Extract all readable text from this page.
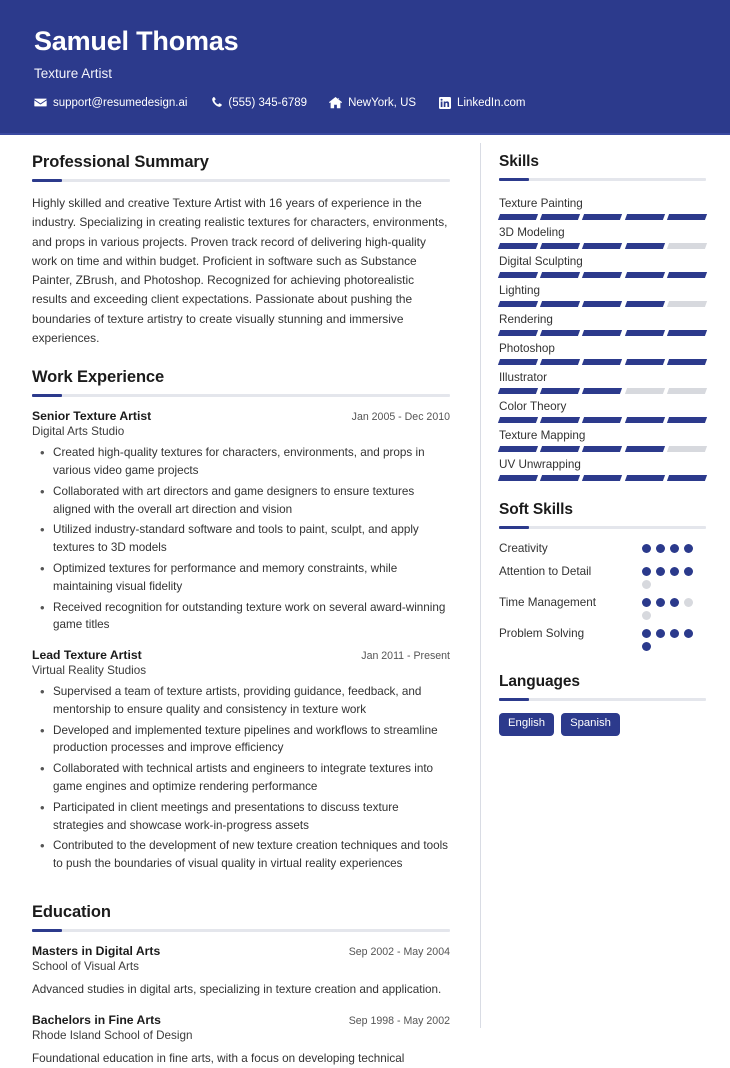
Samuel Thomas
Texture Artist
support@resumedesign.ai	(555) 345-6789	NewYork, US	LinkedIn.com
Professional Summary
Highly skilled and creative Texture Artist with 16 years of experience in the industry. Specializing in creating realistic textures for characters, environments, and props in various projects. Proven track record of delivering high-quality work on time and within budget. Proficient in software such as Substance Painter, ZBrush, and Photoshop. Recognized for achieving photorealistic results and exceeding client expectations. Passionate about pushing the boundaries of texture artistry to create visually stunning and immersive experiences.
Work Experience
Senior Texture Artist	Jan 2005 - Dec 2010
Digital Arts Studio
• Created high-quality textures for characters, environments, and props in various video game projects
• Collaborated with art directors and game designers to ensure textures aligned with the overall art direction and vision
• Utilized industry-standard software and tools to paint, sculpt, and apply textures to 3D models
• Optimized textures for performance and memory constraints, while maintaining visual fidelity
• Received recognition for outstanding texture work on several award-winning game titles
Lead Texture Artist	Jan 2011 - Present
Virtual Reality Studios
• Supervised a team of texture artists, providing guidance, feedback, and mentorship to ensure quality and consistency in texture work
• Developed and implemented texture pipelines and workflows to streamline production processes and improve efficiency
• Collaborated with technical artists and engineers to integrate textures into game engines and optimize rendering performance
• Participated in client meetings and presentations to discuss texture strategies and showcase work-in-progress assets
• Contributed to the development of new texture creation techniques and tools to push the boundaries of visual quality in virtual reality experiences
Education
Masters in Digital Arts	Sep 2002 - May 2004
School of Visual Arts
Advanced studies in digital arts, specializing in texture creation and application.
Bachelors in Fine Arts	Sep 1998 - May 2002
Rhode Island School of Design
Foundational education in fine arts, with a focus on developing technical
Skills
Texture Painting
3D Modeling
Digital Sculpting
Lighting
Rendering
Photoshop
Illustrator
Color Theory
Texture Mapping
UV Unwrapping
Soft Skills
Creativity
Attention to Detail
Time Management
Problem Solving
Languages
English	Spanish
